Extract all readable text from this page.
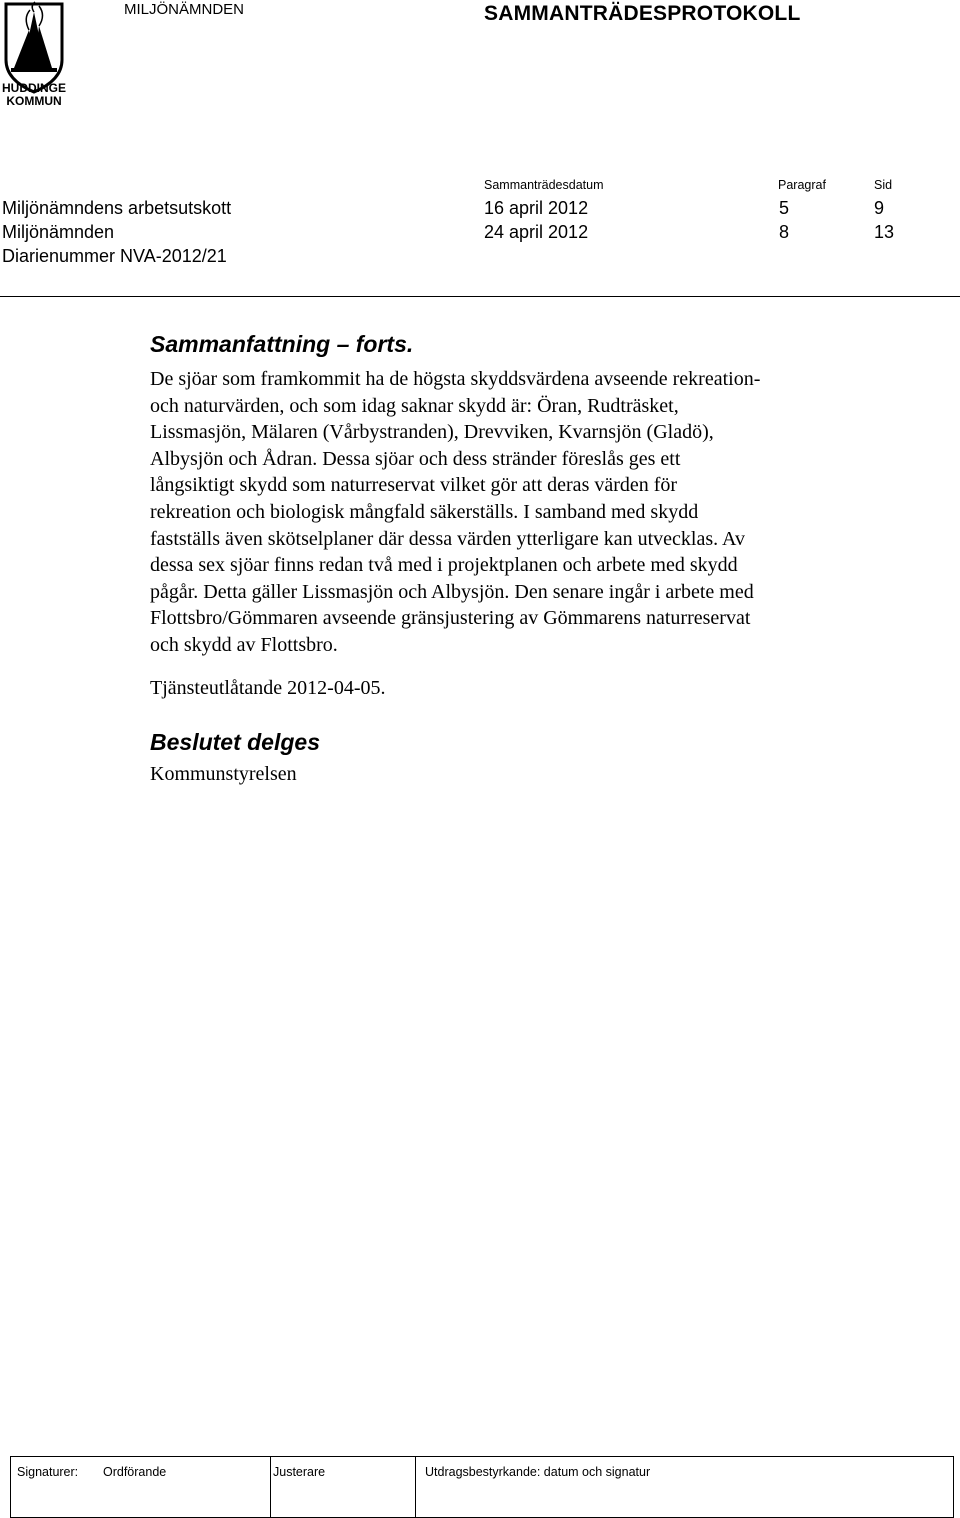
HUDDINGE
KOMMUN
MILJÖNÄMNDEN	SAMMANTRÄDESPROTOKOLL
Sammanträdesdatum	Paragraf	Sid
Miljönämndens arbetsutskott	16 april 2012	5	9
Miljönämnden	24 april 2012	8	13
Diarienummer NVA-2012/21
Sammanfattning – forts.
De sjöar som framkommit ha de högsta skyddsvärdena avseende rekreation-
och naturvärden, och som idag saknar skydd är: Öran, Rudträsket,
Lissmasjön, Mälaren (Vårbystranden), Drevviken, Kvarnsjön (Gladö),
Albysjön och Ådran. Dessa sjöar och dess stränder föreslås ges ett
långsiktigt skydd som naturreservat vilket gör att deras värden för
rekreation och biologisk mångfald säkerställs. I samband med skydd
fastställs även skötselplaner där dessa värden ytterligare kan utvecklas. Av
dessa sex sjöar finns redan två med i projektplanen och arbete med skydd
pågår. Detta gäller Lissmasjön och Albysjön. Den senare ingår i arbete med
Flottsbro/Gömmaren avseende gränsjustering av Gömmarens naturreservat
och skydd av Flottsbro.
Tjänsteutlåtande 2012-04-05.
Beslutet delges
Kommunstyrelsen
Signaturer: Ordförande	Justerare	Utdragsbestyrkande: datum och signatur
